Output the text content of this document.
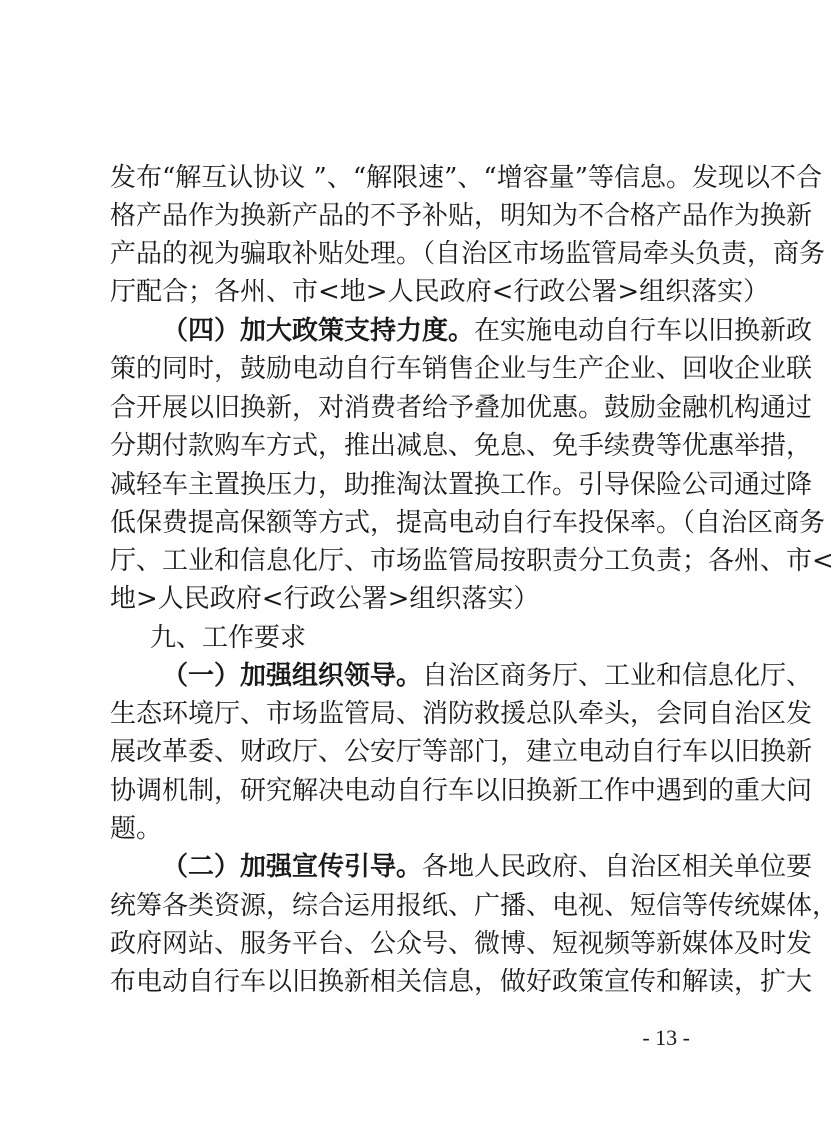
发布“解互认协议 ”、“解限速”、“增容量”等信息。发现以不合
格产品作为换新产品的不予补贴，明知为不合格产品作为换新
产品的视为骗取补贴处理。（自治区市场监管局牵头负责，商务
厅配合；各州、市<地>人民政府<行政公署>组织落实）
（四）加大政策支持力度。在实施电动自行车以旧换新政
策的同时，鼓励电动自行车销售企业与生产企业、回收企业联
合开展以旧换新，对消费者给予叠加优惠。鼓励金融机构通过
分期付款购车方式，推出减息、免息、免手续费等优惠举措，
减轻车主置换压力，助推淘汰置换工作。引导保险公司通过降
低保费提高保额等方式，提高电动自行车投保率。（自治区商务
厅、工业和信息化厅、市场监管局按职责分工负责；各州、市<
地>人民政府<行政公署>组织落实）
九、工作要求
（一）加强组织领导。自治区商务厅、工业和信息化厅、
生态环境厅、市场监管局、消防救援总队牵头，会同自治区发
展改革委、财政厅、公安厅等部门，建立电动自行车以旧换新
协调机制，研究解决电动自行车以旧换新工作中遇到的重大问
题。
（二）加强宣传引导。各地人民政府、自治区相关单位要
统筹各类资源，综合运用报纸、广播、电视、短信等传统媒体，
政府网站、服务平台、公众号、微博、短视频等新媒体及时发
布电动自行车以旧换新相关信息，做好政策宣传和解读，扩大
- 13 -
